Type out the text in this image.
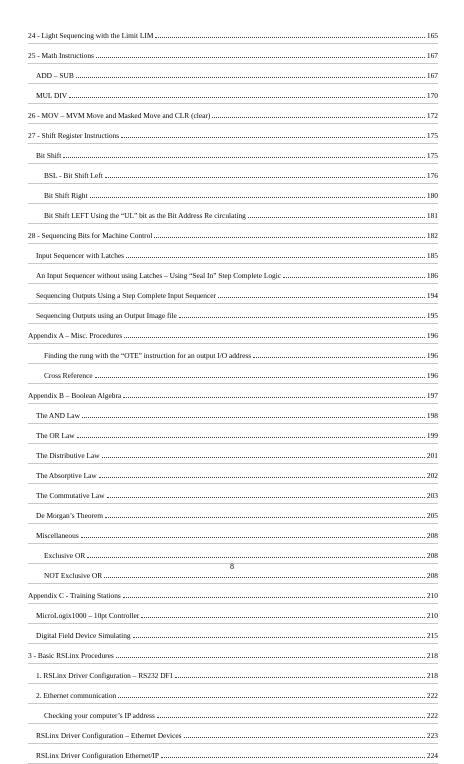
24 - Light Sequencing with the Limit LIM	165
25 - Math Instructions	167
ADD – SUB	167
MUL DIV	170
26 - MOV – MVM Move and Masked Move and CLR (clear)	172
27 - Shift Register Instructions	175
Bit Shift	175
BSL - Bit Shift Left	176
Bit Shift Right	180
Bit Shift LEFT Using the “UL” bit as the Bit Address Re circulating	181
28 - Sequencing Bits for Machine Control	182
Input Sequencer with Latches	185
An Input Sequencer without using Latches – Using “Seal In” Step Complete Logic	186
Sequencing Outputs Using a Step Complete Input Sequencer	194
Sequencing Outputs using an Output Image file	195
Appendix A – Misc. Procedures	196
Finding the rung with the “OTE” instruction for an output I/O address	196
Cross Reference	196
Appendix B – Boolean Algebra	197
The AND Law	198
The OR Law	199
The Distributive Law	201
The Absorptive Law	202
The Commutative Law	203
De Morgan’s Theorem	205
Miscellaneous	208
Exclusive OR	208
NOT Exclusive OR	208
Appendix C - Training Stations	210
MicroLogix1000 – 10pt Controller	210
Digital Field Device Simulating	215
3 - Basic RSLinx Procedures	218
1. RSLinx Driver Configuration – RS232 DF1	218
2. Ethernet communication	222
Checking your computer’s IP address	222
RSLinx Driver Configuration – Ethernet Devices	223
RSLinx Driver Configuration Ethernet/IP	224
8
